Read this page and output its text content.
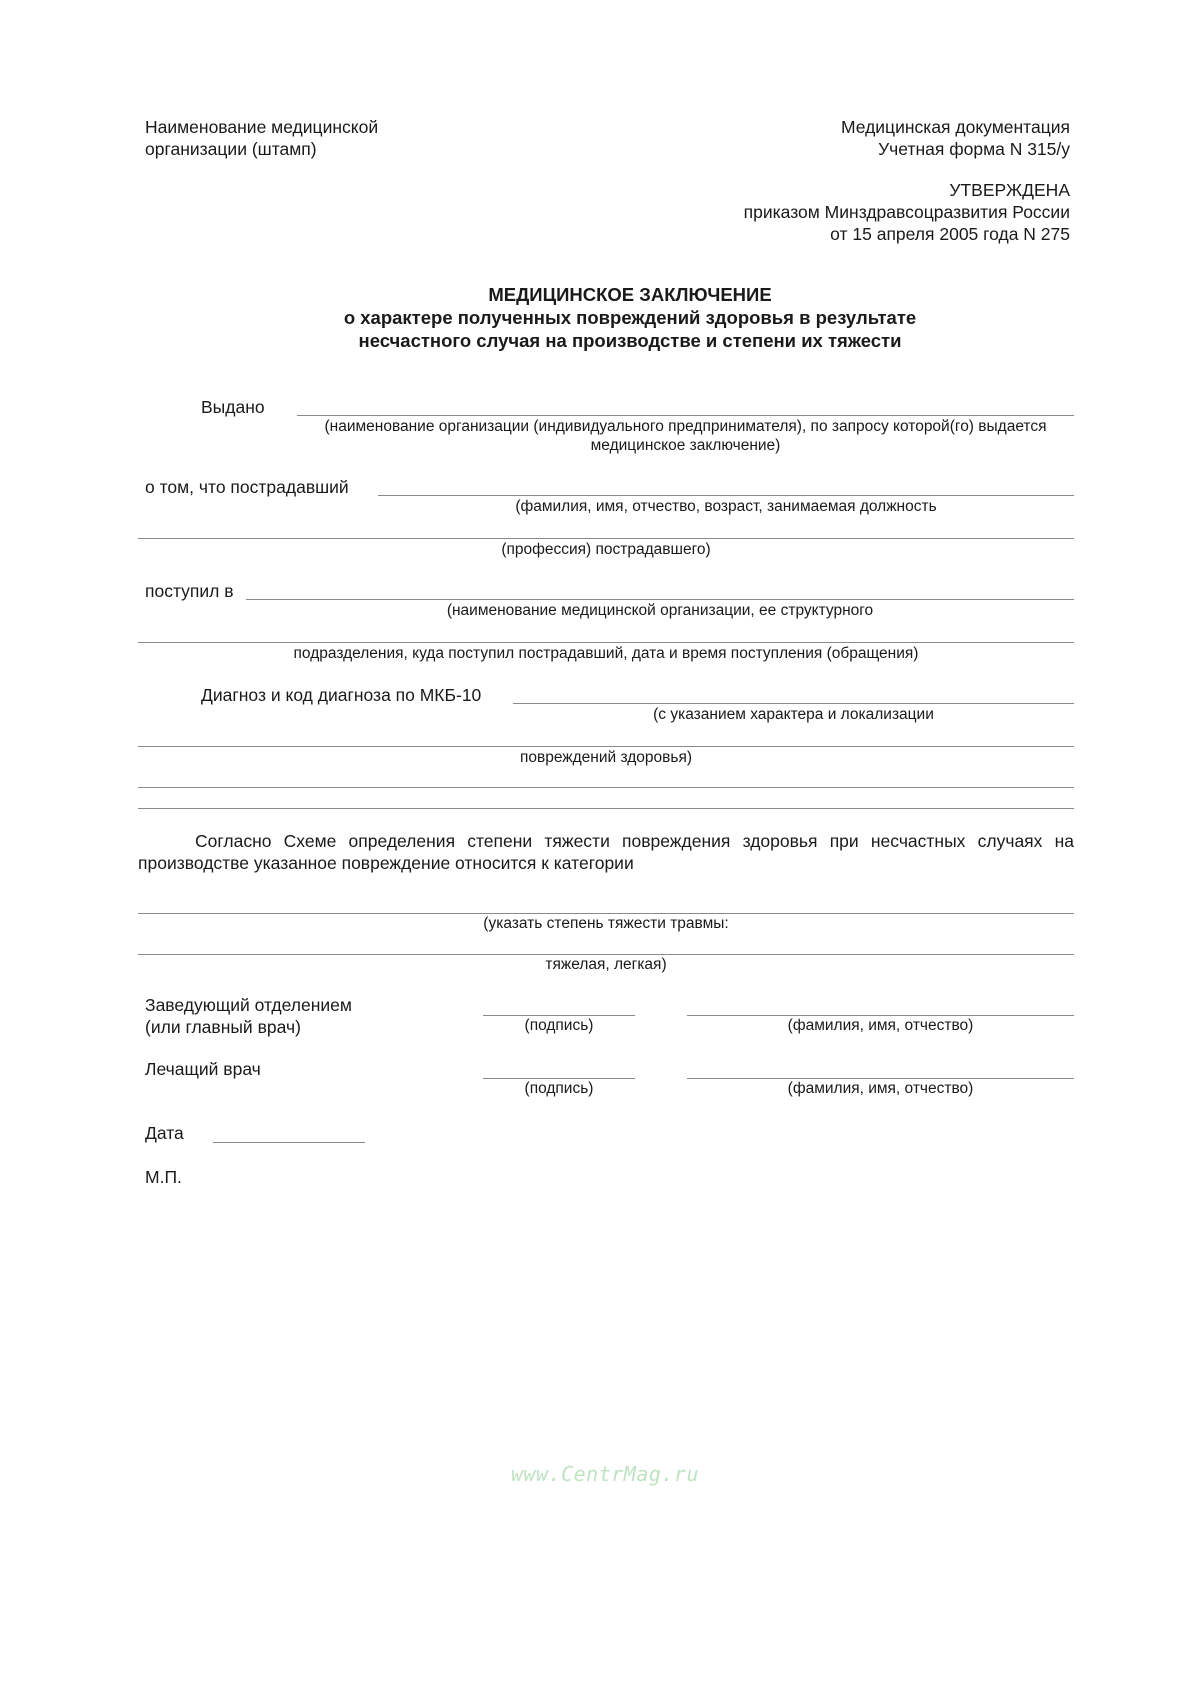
Наименование медицинской
организации (штамп)
Медицинская документация
Учетная форма N 315/у
УТВЕРЖДЕНА
приказом Минздравсоцразвития России
от 15 апреля 2005 года N 275
МЕДИЦИНСКОЕ ЗАКЛЮЧЕНИЕ
о характере полученных повреждений здоровья в результате
несчастного случая на производстве и степени их тяжести
Выдано
(наименование организации (индивидуального предпринимателя), по запросу которой(го) выдается
медицинское заключение)
о том, что пострадавший
(фамилия, имя, отчество, возраст, занимаемая должность
(профессия) пострадавшего)
поступил в
(наименование медицинской организации, ее структурного
подразделения, куда поступил пострадавший, дата и время поступления (обращения)
Диагноз и код диагноза по МКБ-10
(с указанием характера и локализации
повреждений здоровья)
Согласно Схеме определения степени тяжести повреждения здоровья при несчастных случаях на
производстве указанное повреждение относится к категории
(указать степень тяжести травмы:
тяжелая, легкая)
Заведующий отделением
(или главный врач)	(подпись)	(фамилия, имя, отчество)
Лечащий врач
(подпись)	(фамилия, имя, отчество)
Дата
М.П.
www.CentrMag.ru
